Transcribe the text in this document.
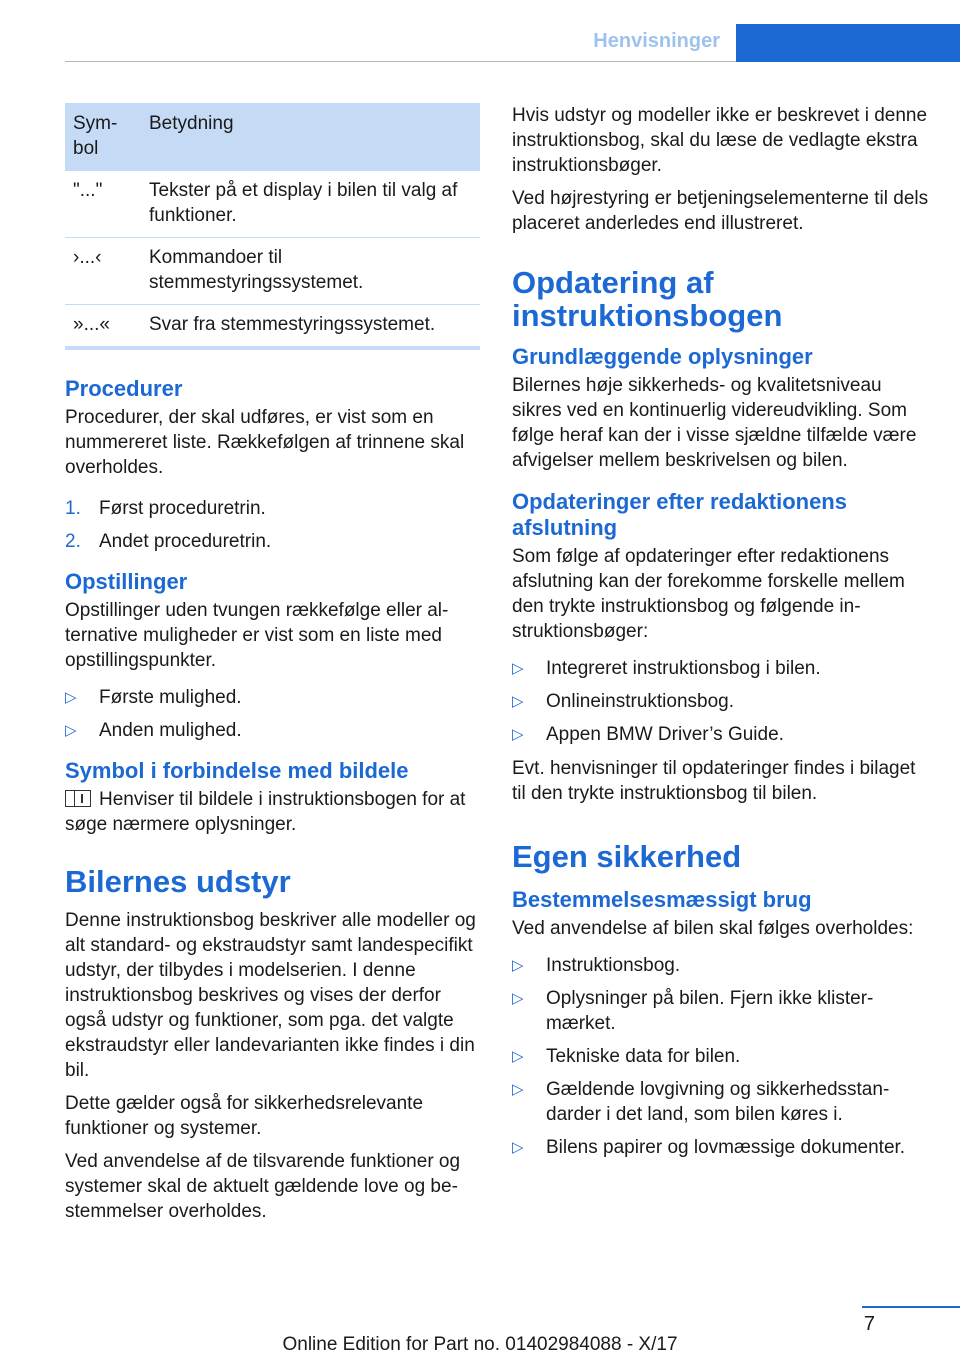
Henvisninger
Sym-
bol	Betydning
"..."	Tekster på et display i bilen til valg af funktioner.
›...‹	Kommandoer til stemmestyringssystemet.
»...«	Svar fra stemmestyringssystemet.
Procedurer

Procedurer, der skal udføres, er vist som en nummereret liste. Rækkefølgen af trinnene skal overholdes.

1. Først proceduretrin.
2. Andet proceduretrin.
Opstillinger

Opstillinger uden tvungen rækkefølge eller alternative muligheder er vist som en liste med opstillingspunkter.

▷ Første mulighed.
▷ Anden mulighed.
Symbol i forbindelse med bildele

Henviser til bildele i instruktionsbogen for at søge nærmere oplysninger.

Bilernes udstyr

Denne instruktionsbog beskriver alle modeller og alt standard- og ekstraudstyr samt landespecifikt udstyr, der tilbydes i modelserien. I denne instruktionsbog beskrives og vises der derfor også udstyr og funktioner, som pga. det valgte ekstraudstyr eller landevarianten ikke findes i din bil.

Dette gælder også for sikkerhedsrelevante funktioner og systemer.

Ved anvendelse af de tilsvarende funktioner og systemer skal de aktuelt gældende love og bestemmelser overholdes.

Hvis udstyr og modeller ikke er beskrevet i denne instruktionsbog, skal du læse de vedlagte ekstra instruktionsbøger.

Ved højrestyring er betjeningselementerne til dels placeret anderledes end illustreret.

Opdatering af instruktionsbogen
Grundlæggende oplysninger

Bilernes høje sikkerheds- og kvalitetsniveau sikres ved en kontinuerlig videreudvikling. Som følge heraf kan der i visse sjældne tilfælde være afvigelser mellem beskrivelsen og bilen.

Opdateringer efter redaktionens afslutning

Som følge af opdateringer efter redaktionens afslutning kan der forekomme forskelle mellem den trykte instruktionsbog og følgende instruktionsbøger:

▷ Integreret instruktionsbog i bilen.
▷ Onlineinstruktionsbog.
▷ Appen BMW Driver’s Guide.

Evt. henvisninger til opdateringer findes i bilaget til den trykte instruktionsbog til bilen.

Egen sikkerhed
Bestemmelsesmæssigt brug

Ved anvendelse af bilen skal følges overholdes:

▷ Instruktionsbog.
▷ Oplysninger på bilen. Fjern ikke klistermærket.
▷ Tekniske data for bilen.
▷ Gældende lovgivning og sikkerhedsstandarder i det land, som bilen køres i.
▷ Bilens papirer og lovmæssige dokumenter.
7
Online Edition for Part no. 01402984088 - X/17
